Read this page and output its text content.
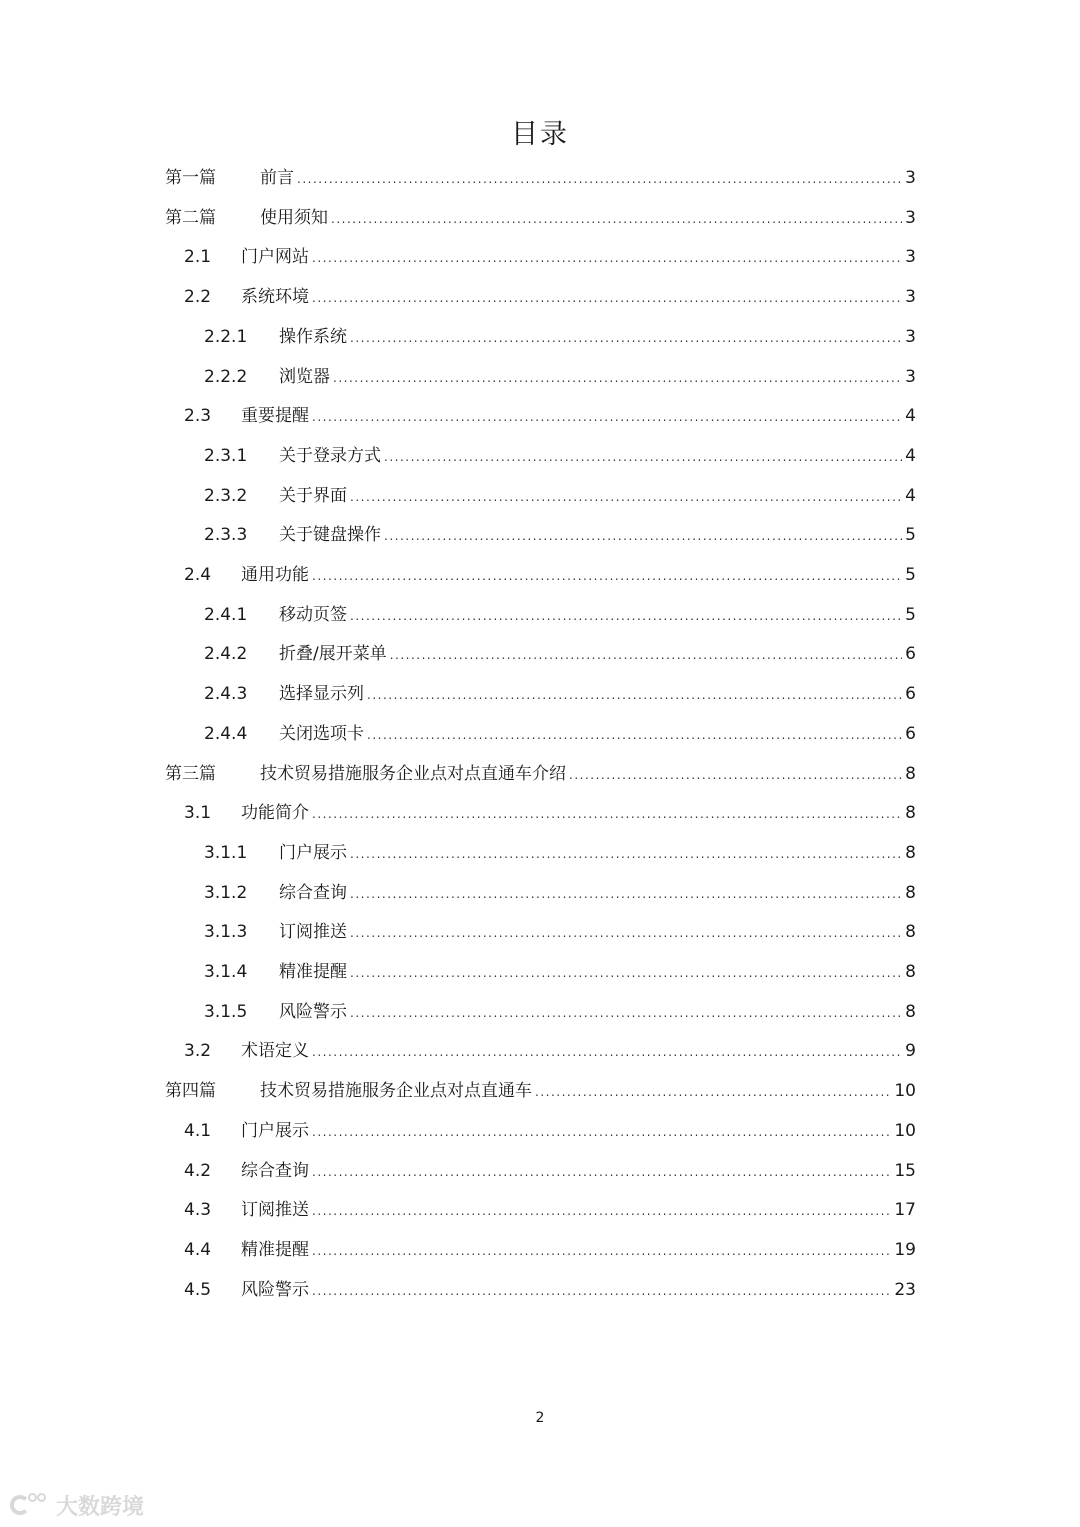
目录
第一篇	前言 .....	3
第二篇	使用须知 .....	3
2.1	门户网站 .....	3
2.2	系统环境 .....	3
2.2.1	操作系统 .....	3
2.2.2	浏览器 .....	3
2.3	重要提醒 .....	4
2.3.1	关于登录方式 .....	4
2.3.2	关于界面 .....	4
2.3.3	关于键盘操作 .....	5
2.4	通用功能 .....	5
2.4.1	移动页签 .....	5
2.4.2	折叠/展开菜单 .....	6
2.4.3	选择显示列 .....	6
2.4.4	关闭选项卡 .....	6
第三篇	技术贸易措施服务企业点对点直通车介绍 .....	8
3.1	功能简介 .....	8
3.1.1	门户展示 .....	8
3.1.2	综合查询 .....	8
3.1.3	订阅推送 .....	8
3.1.4	精准提醒 .....	8
3.1.5	风险警示 .....	8
3.2	术语定义 .....	9
第四篇	技术贸易措施服务企业点对点直通车 .....	10
4.1	门户展示 .....	10
4.2	综合查询 .....	15
4.3	订阅推送 .....	17
4.4	精准提醒 .....	19
4.5	风险警示 .....	23
2
大数跨境
